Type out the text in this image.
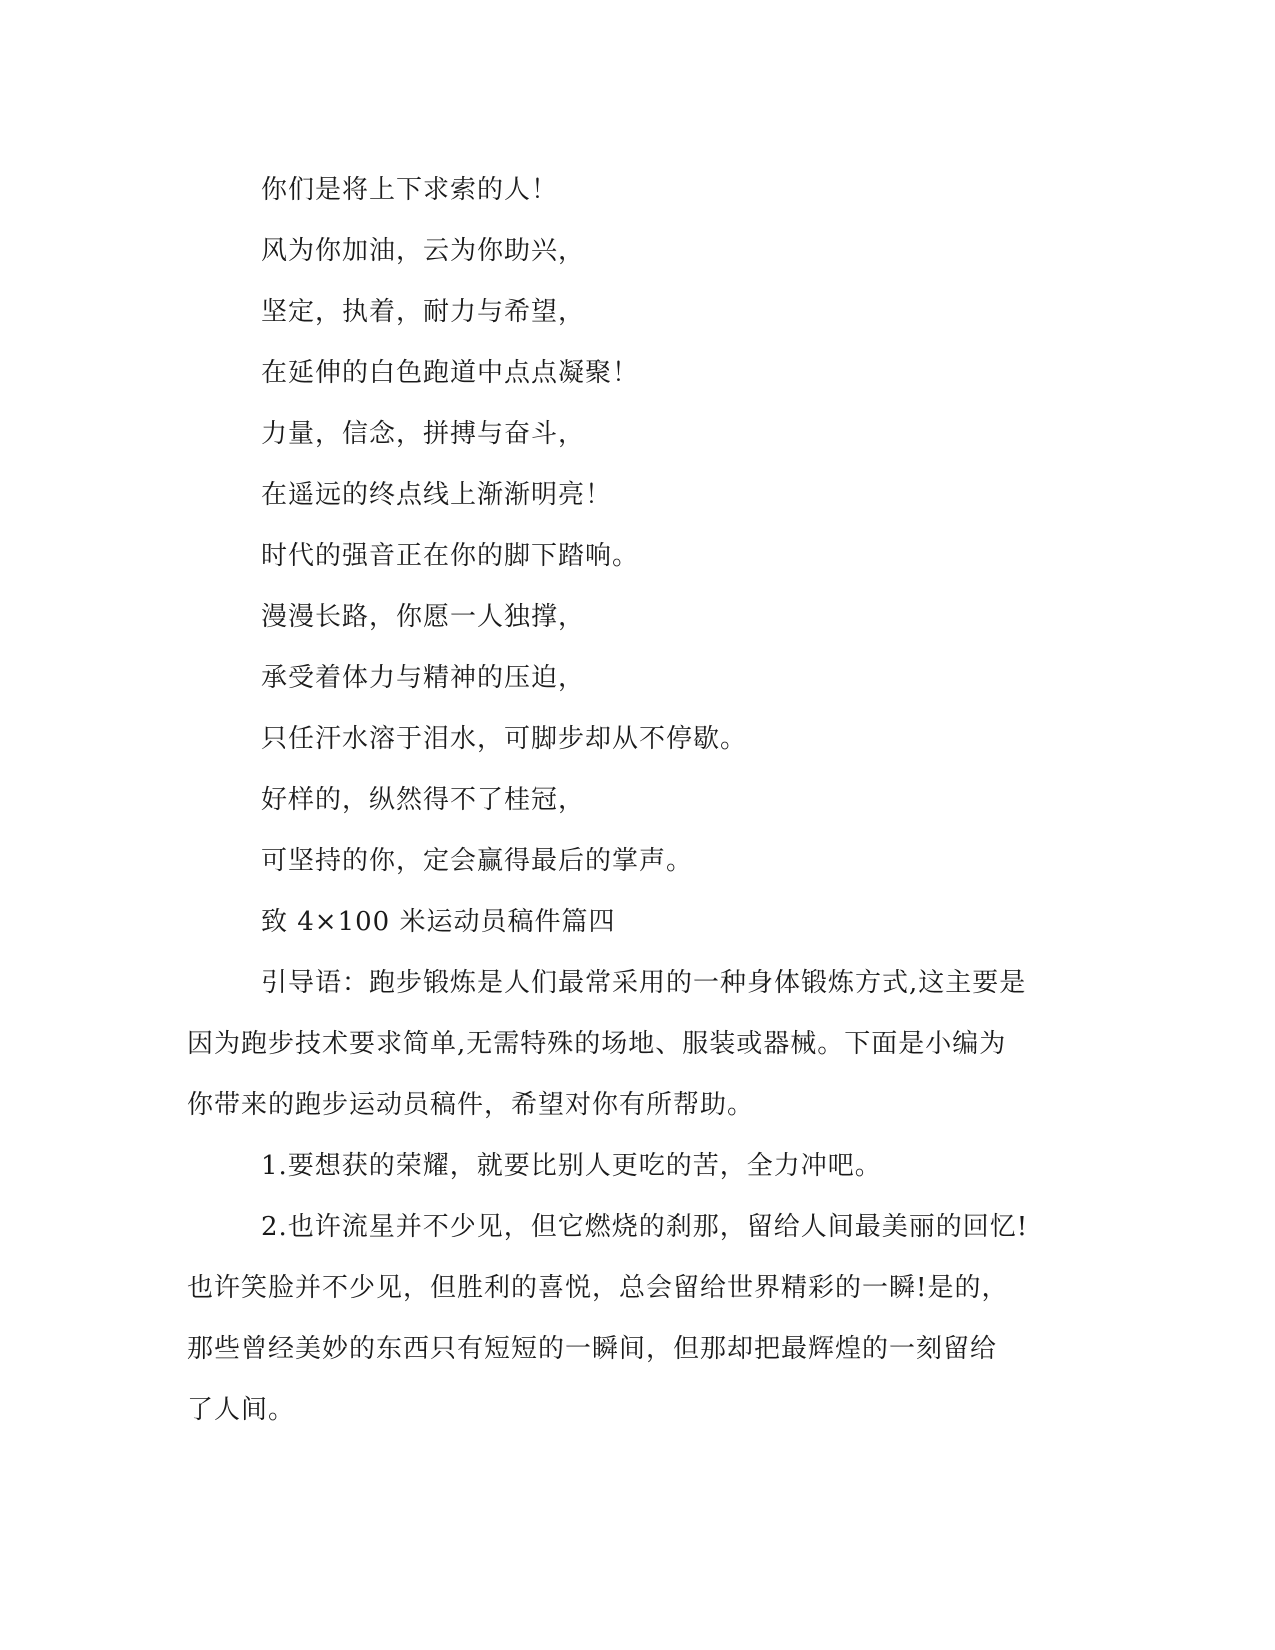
你们是将上下求索的人！
风为你加油，云为你助兴，
坚定，执着，耐力与希望，
在延伸的白色跑道中点点凝聚！
力量，信念，拼搏与奋斗，
在遥远的终点线上渐渐明亮！
时代的强音正在你的脚下踏响。
漫漫长路，你愿一人独撑，
承受着体力与精神的压迫，
只任汗水溶于泪水，可脚步却从不停歇。
好样的，纵然得不了桂冠，
可坚持的你，定会赢得最后的掌声。
致 4×100 米运动员稿件篇四
引导语：跑步锻炼是人们最常采用的一种身体锻炼方式,这主要是
因为跑步技术要求简单,无需特殊的场地、服装或器械。下面是小编为
你带来的跑步运动员稿件，希望对你有所帮助。
1.要想获的荣耀，就要比别人更吃的苦，全力冲吧。
2.也许流星并不少见，但它燃烧的刹那，留给人间最美丽的回忆!
也许笑脸并不少见，但胜利的喜悦，总会留给世界精彩的一瞬!是的，
那些曾经美妙的东西只有短短的一瞬间，但那却把最辉煌的一刻留给
了人间。
